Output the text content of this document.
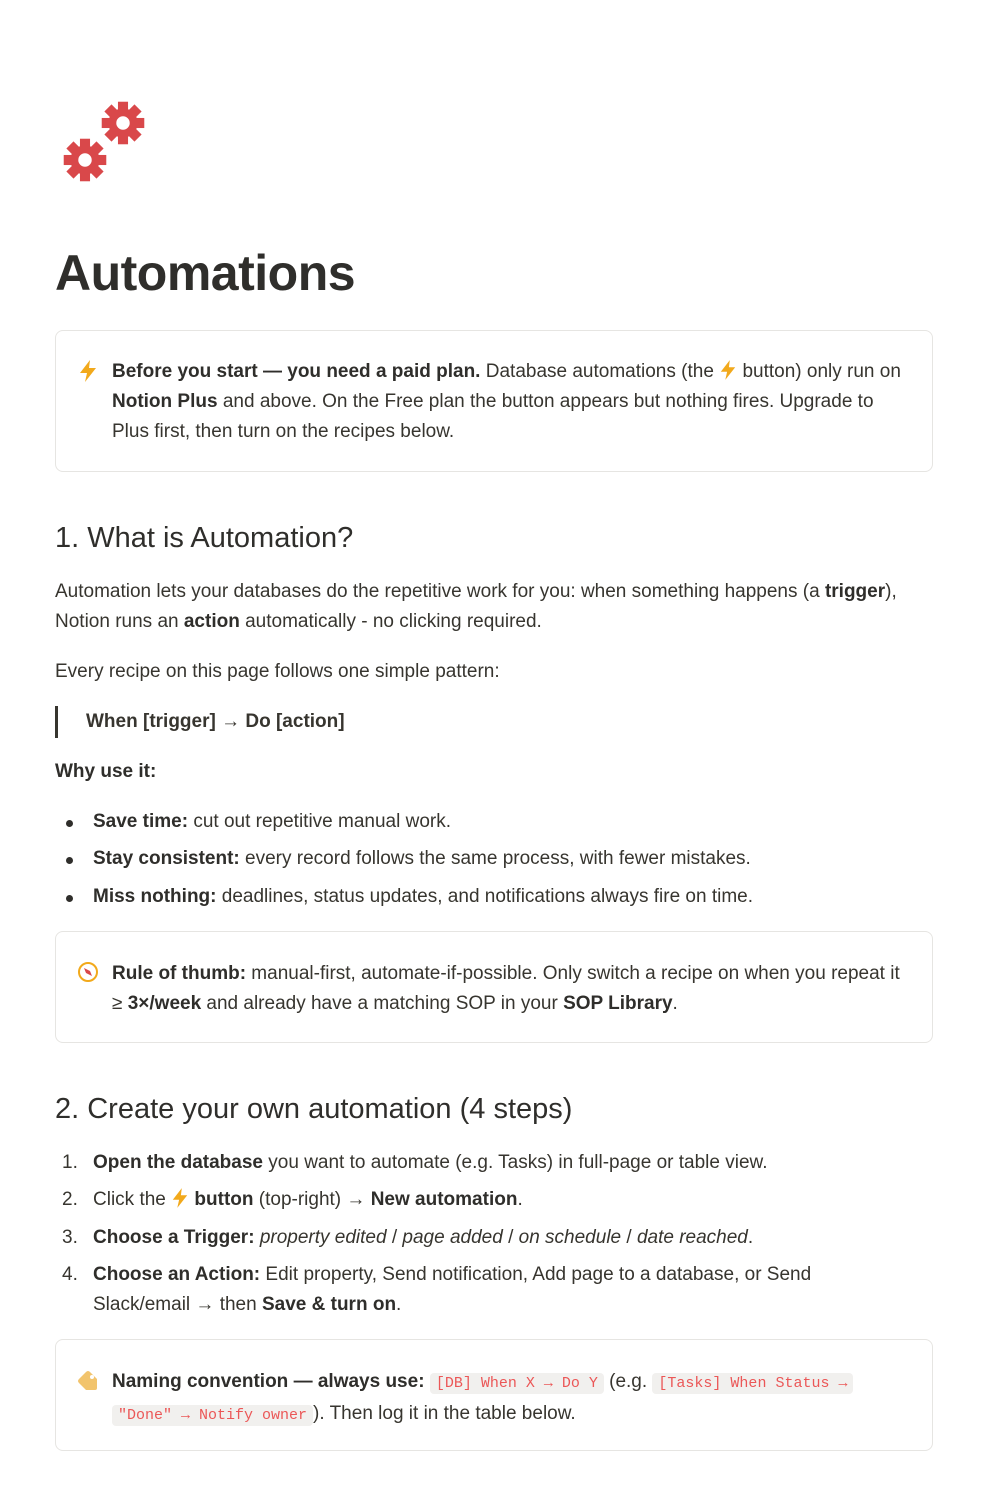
Automations
Before you start — you need a paid plan. Database automations (the  button) only run on Notion Plus and above. On the Free plan the button appears but nothing fires. Upgrade to Plus first, then turn on the recipes below.
1. What is Automation?

Automation lets your databases do the repetitive work for you: when something happens (a trigger), Notion runs an action automatically - no clicking required.

Every recipe on this page follows one simple pattern:

When [trigger] → Do [action]

Why use it:

Save time: cut out repetitive manual work.
Stay consistent: every record follows the same process, with fewer mistakes.
Miss nothing: deadlines, status updates, and notifications always fire on time.
Rule of thumb: manual-first, automate-if-possible. Only switch a recipe on when you repeat it ≥ 3×/week and already have a matching SOP in your SOP Library.
2. Create your own automation (4 steps)
1. Open the database you want to automate (e.g. Tasks) in full-page or table view.
2. Click the  button (top-right) → New automation.
3. Choose a Trigger: property edited / page added / on schedule / date reached.
4. Choose an Action: Edit property, Send notification, Add page to a database, or Send Slack/email → then Save & turn on.
Naming convention — always use: [DB] When X → Do Y (e.g. [Tasks] When Status →
"Done" → Notify owner ). Then log it in the table below.
